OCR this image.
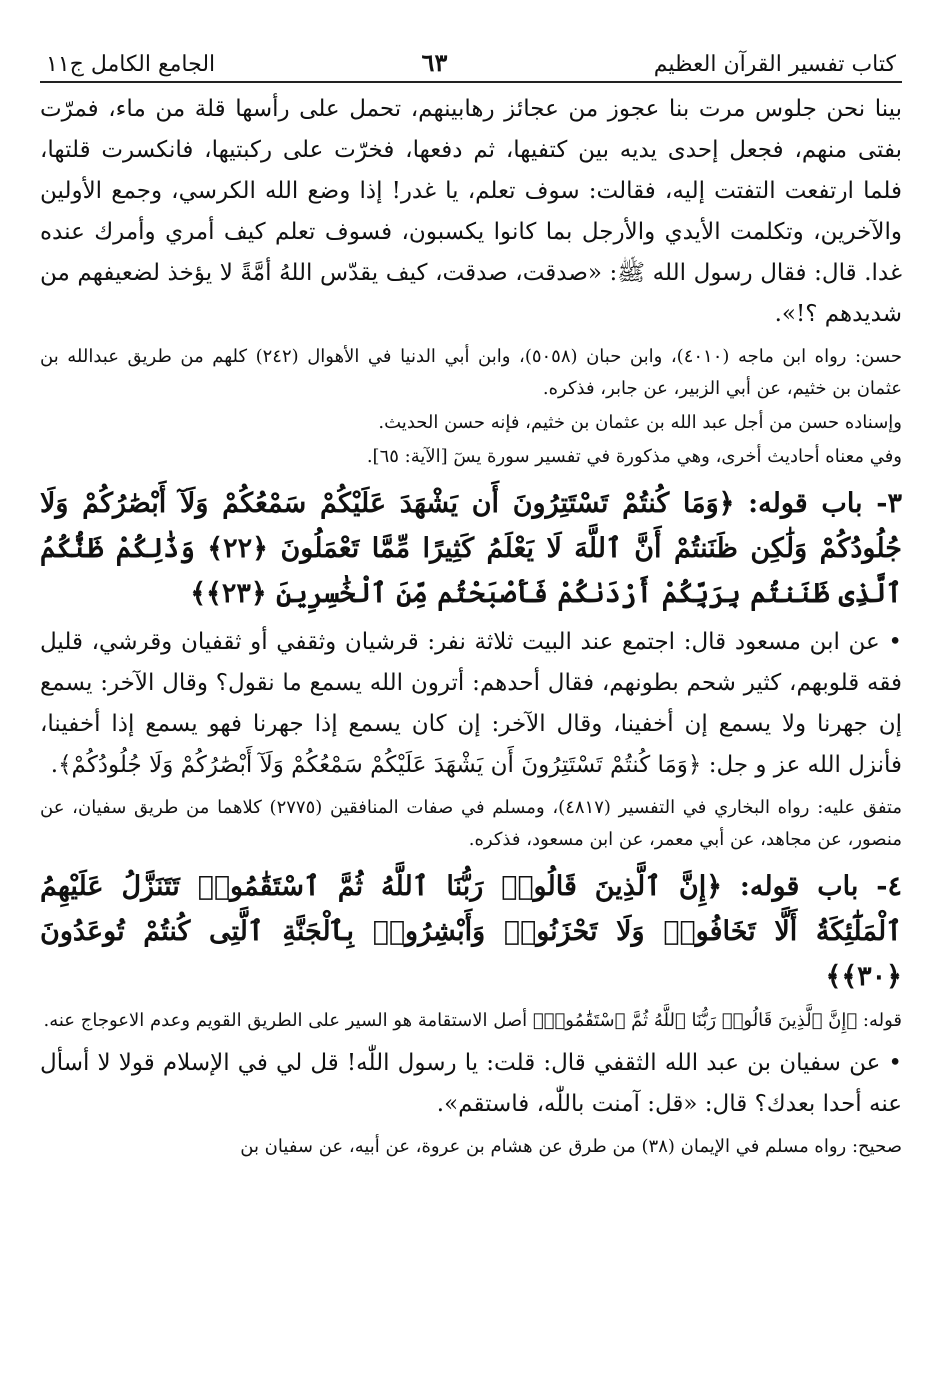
كتاب تفسير القرآن العظيم
٦٣
الجامع الكامل ج١١

بينا نحن جلوس مرت بنا عجوز من عجائز رهابينهم، تحمل على رأسها قلة من ماء، فمرّت بفتى منهم، فجعل إحدى يديه بين كتفيها، ثم دفعها، فخرّت على ركبتيها، فانكسرت قلتها، فلما ارتفعت التفتت إليه، فقالت: سوف تعلم، يا غدر! إذا وضع الله الكرسي، وجمع الأولين والآخرين، وتكلمت الأيدي والأرجل بما كانوا يكسبون، فسوف تعلم كيف أمري وأمرك عنده غدا. قال: فقال رسول الله ﷺ: «صدقت، صدقت، كيف يقدّس اللهُ أمَّةً لا يؤخذ لضعيفهم من شديدهم ؟!».

حسن: رواه ابن ماجه (٤٠١٠)، وابن حبان (٥٠٥٨)، وابن أبي الدنيا في الأهوال (٢٤٢) كلهم من طريق عبدالله بن عثمان بن خثيم، عن أبي الزبير، عن جابر، فذكره.

وإسناده حسن من أجل عبد الله بن عثمان بن خثيم، فإنه حسن الحديث.

وفي معناه أحاديث أخرى، وهي مذكورة في تفسير سورة يسٓ [الآية: ٦٥].

٣- باب قوله: ﴿وَمَا كُنتُمْ تَسْتَتِرُونَ أَن يَشْهَدَ عَلَيْكُمْ سَمْعُكُمْ وَلَآ أَبْصَٰرُكُمْ وَلَا جُلُودُكُمْ وَلَٰكِن ظَنَنتُمْ أَنَّ ٱللَّهَ لَا يَعْلَمُ كَثِيرًا مِّمَّا تَعْمَلُونَ ﴿٢٢﴾ وَذَٰلِكُمْ ظَنُّكُمُ ٱلَّذِى ظَنَنتُم بِرَبِّكُمْ أَرْدَىٰكُمْ فَأَصْبَحْتُم مِّنَ ٱلْخَٰسِرِينَ ﴿٢٣﴾﴾

• عن ابن مسعود قال: اجتمع عند البيت ثلاثة نفر: قرشيان وثقفي أو ثقفيان وقرشي، قليل فقه قلوبهم، كثير شحم بطونهم، فقال أحدهم: أترون الله يسمع ما نقول؟ وقال الآخر: يسمع إن جهرنا ولا يسمع إن أخفينا، وقال الآخر: إن كان يسمع إذا جهرنا فهو يسمع إذا أخفينا، فأنزل الله عز و جل: ﴿وَمَا كُنتُمْ تَسْتَتِرُونَ أَن يَشْهَدَ عَلَيْكُمْ سَمْعُكُمْ وَلَآ أَبْصَٰرُكُمْ وَلَا جُلُودُكُمْ﴾.

متفق عليه: رواه البخاري في التفسير (٤٨١٧)، ومسلم في صفات المنافقين (٢٧٧٥) كلاهما من طريق سفيان، عن منصور، عن مجاهد، عن أبي معمر، عن ابن مسعود، فذكره.

٤- باب قوله: ﴿إِنَّ ٱلَّذِينَ قَالُوا۟ رَبُّنَا ٱللَّهُ ثُمَّ ٱسْتَقَٰمُوا۟ تَتَنَزَّلُ عَلَيْهِمُ ٱلْمَلَٰٓئِكَةُ أَلَّا تَخَافُوا۟ وَلَا تَحْزَنُوا۟ وَأَبْشِرُوا۟ بِٱلْجَنَّةِ ٱلَّتِى كُنتُمْ تُوعَدُونَ ﴿٣٠﴾﴾

قوله: ﴿إِنَّ ٱلَّذِينَ قَالُوا۟ رَبُّنَا ٱللَّهُ ثُمَّ ٱسْتَقَٰمُوا۟﴾ أصل الاستقامة هو السير على الطريق القويم وعدم الاعوجاج عنه.

• عن سفيان بن عبد الله الثقفي قال: قلت: يا رسول اللّٰه! قل لي في الإسلام قولا لا أسأل عنه أحدا بعدك؟ قال: «قل: آمنت باللّٰه، فاستقم».

صحيح: رواه مسلم في الإيمان (٣٨) من طرق عن هشام بن عروة، عن أبيه، عن سفيان بن
